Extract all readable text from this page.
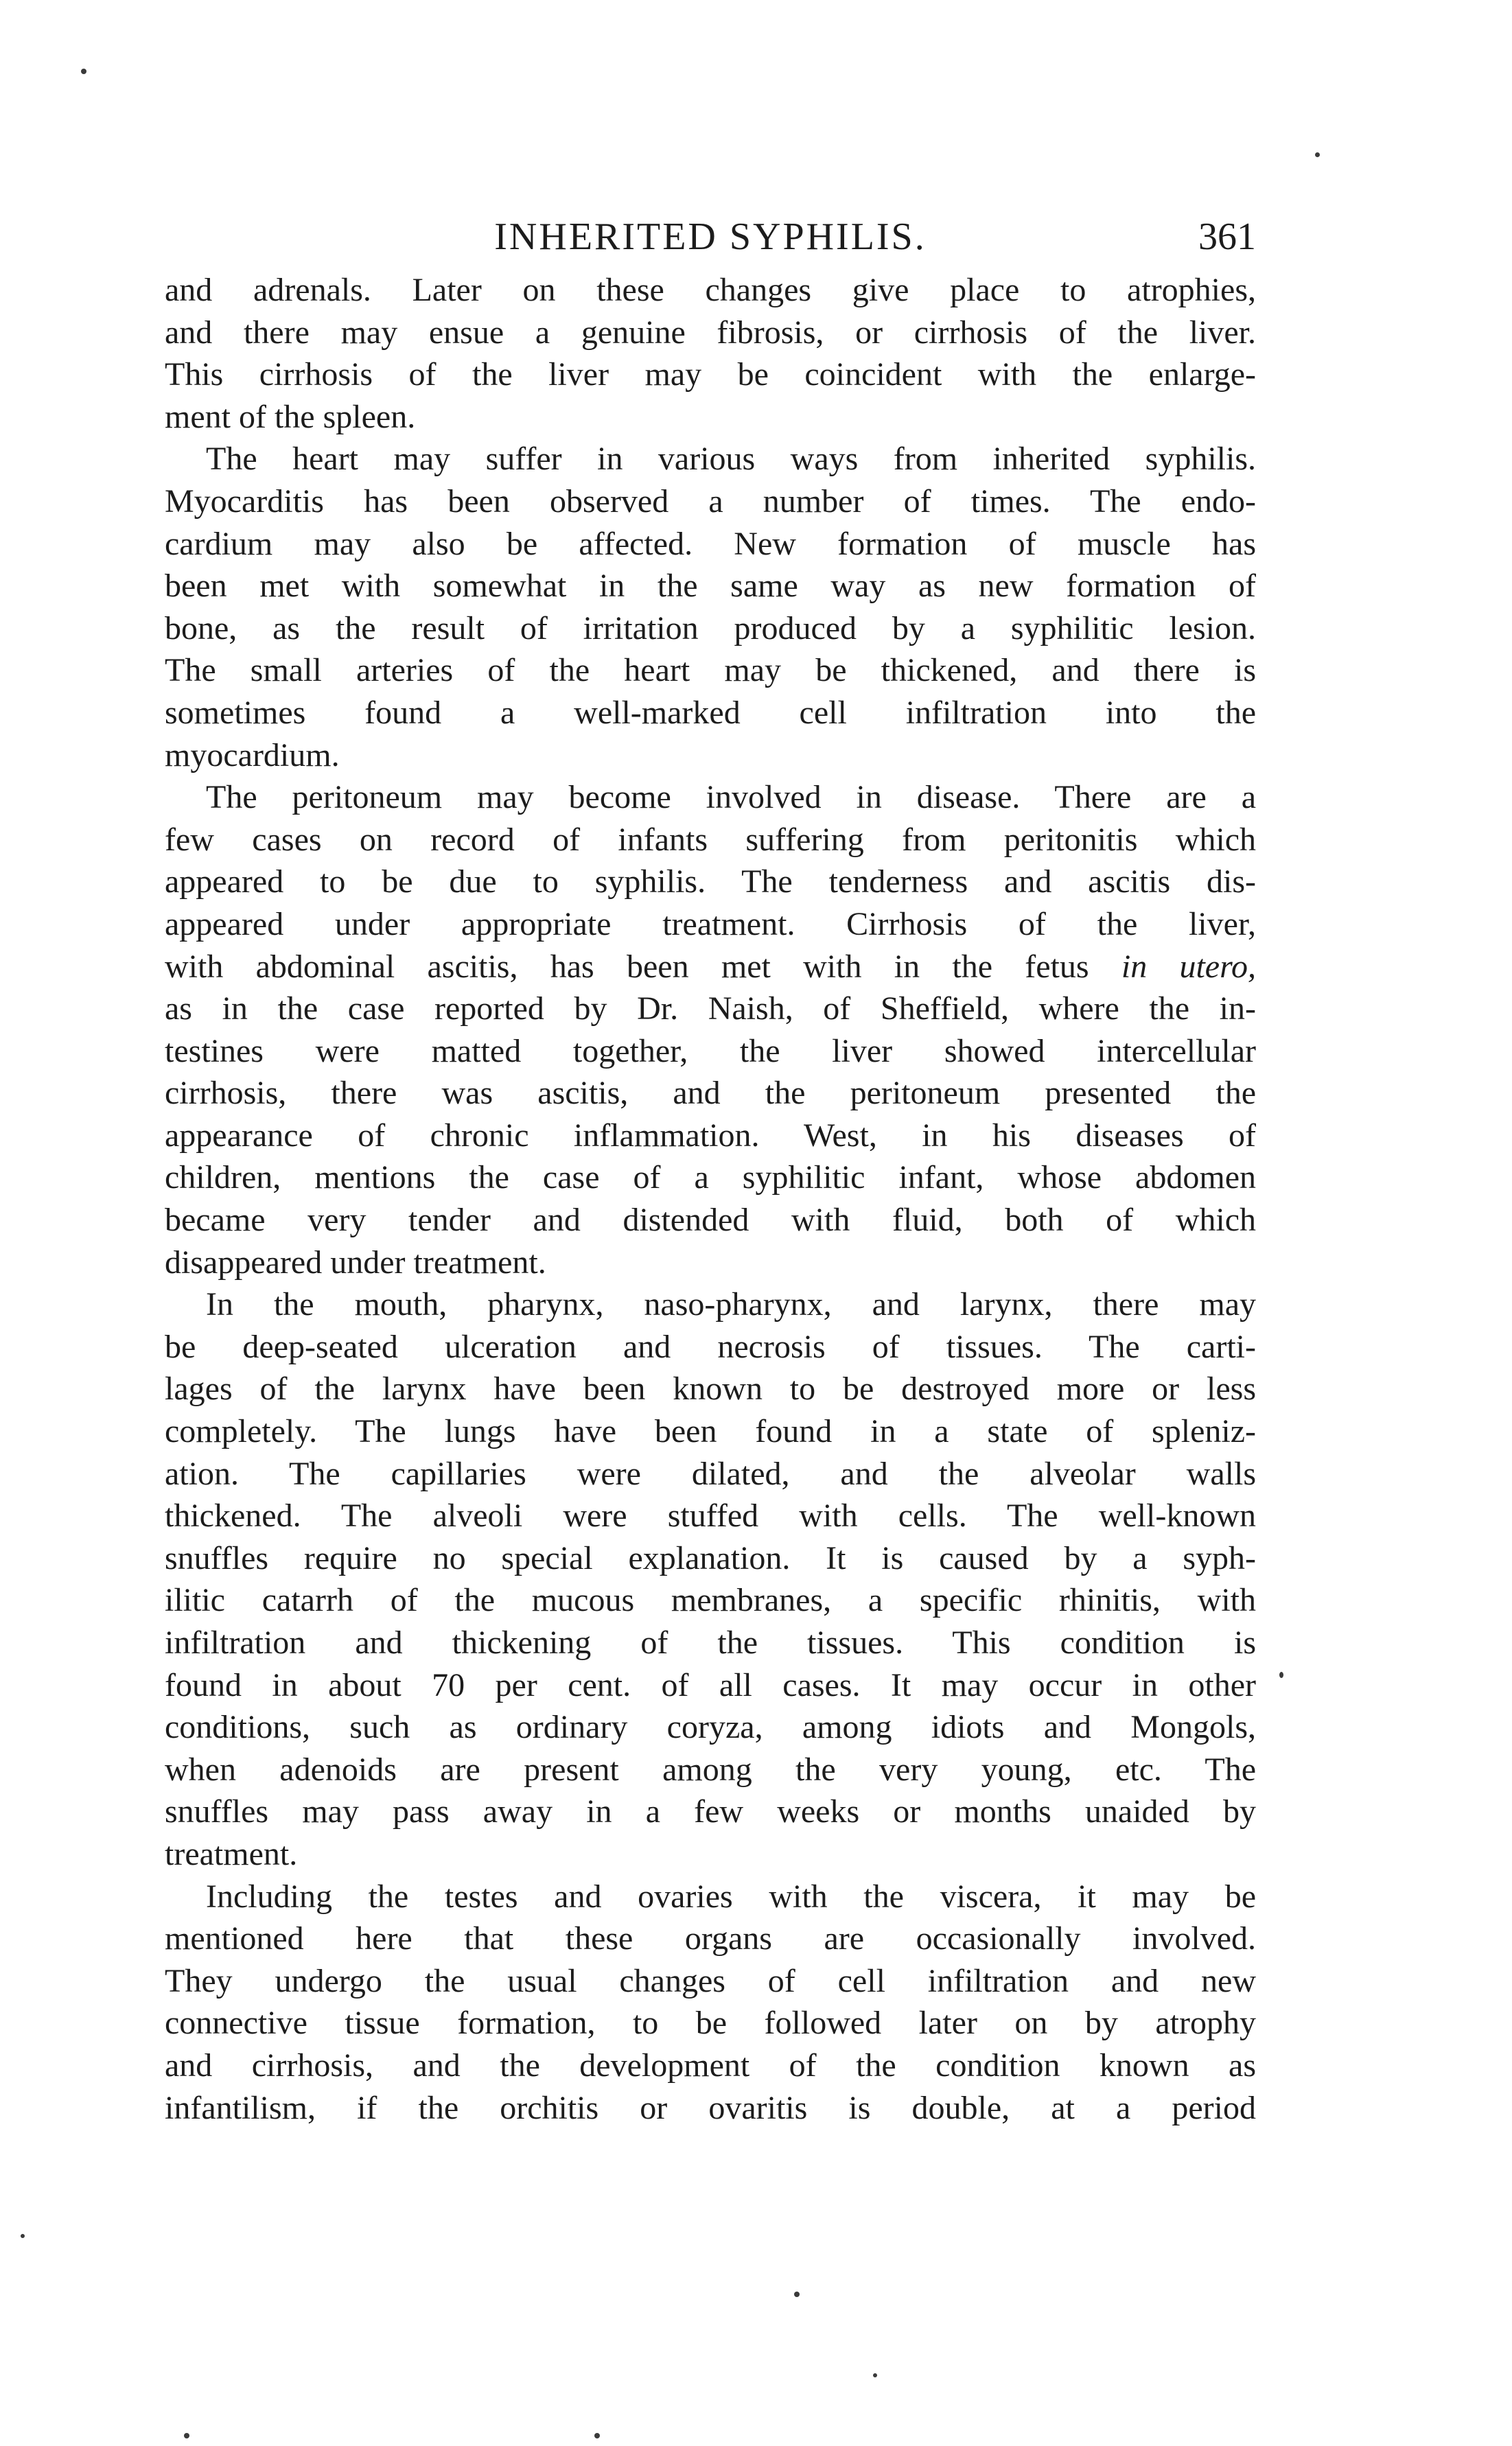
INHERITED SYPHILIS.	361
and adrenals. Later on these changes give place to atrophies,
and there may ensue a genuine fibrosis, or cirrhosis of the liver.
This cirrhosis of the liver may be coincident with the enlarge-
ment of the spleen.
The heart may suffer in various ways from inherited syphilis.
Myocarditis has been observed a number of times. The endo-
cardium may also be affected. New formation of muscle has
been met with somewhat in the same way as new formation of
bone, as the result of irritation produced by a syphilitic lesion.
The small arteries of the heart may be thickened, and there is
sometimes found a well-marked cell infiltration into the
myocardium.
The peritoneum may become involved in disease. There are a
few cases on record of infants suffering from peritonitis which
appeared to be due to syphilis. The tenderness and ascitis dis-
appeared under appropriate treatment. Cirrhosis of the liver,
with abdominal ascitis, has been met with in the fetus in utero,
as in the case reported by Dr. Naish, of Sheffield, where the in-
testines were matted together, the liver showed intercellular
cirrhosis, there was ascitis, and the peritoneum presented the
appearance of chronic inflammation. West, in his diseases of
children, mentions the case of a syphilitic infant, whose abdomen
became very tender and distended with fluid, both of which
disappeared under treatment.
In the mouth, pharynx, naso-pharynx, and larynx, there may
be deep-seated ulceration and necrosis of tissues. The carti-
lages of the larynx have been known to be destroyed more or less
completely. The lungs have been found in a state of spleniz-
ation. The capillaries were dilated, and the alveolar walls
thickened. The alveoli were stuffed with cells. The well-known
snuffles require no special explanation. It is caused by a syph-
ilitic catarrh of the mucous membranes, a specific rhinitis, with
infiltration and thickening of the tissues. This condition is
found in about 70 per cent. of all cases. It may occur in other
conditions, such as ordinary coryza, among idiots and Mongols,
when adenoids are present among the very young, etc. The
snuffles may pass away in a few weeks or months unaided by
treatment.
Including the testes and ovaries with the viscera, it may be
mentioned here that these organs are occasionally involved.
They undergo the usual changes of cell infiltration and new
connective tissue formation, to be followed later on by atrophy
and cirrhosis, and the development of the condition known as
infantilism, if the orchitis or ovaritis is double, at a period
